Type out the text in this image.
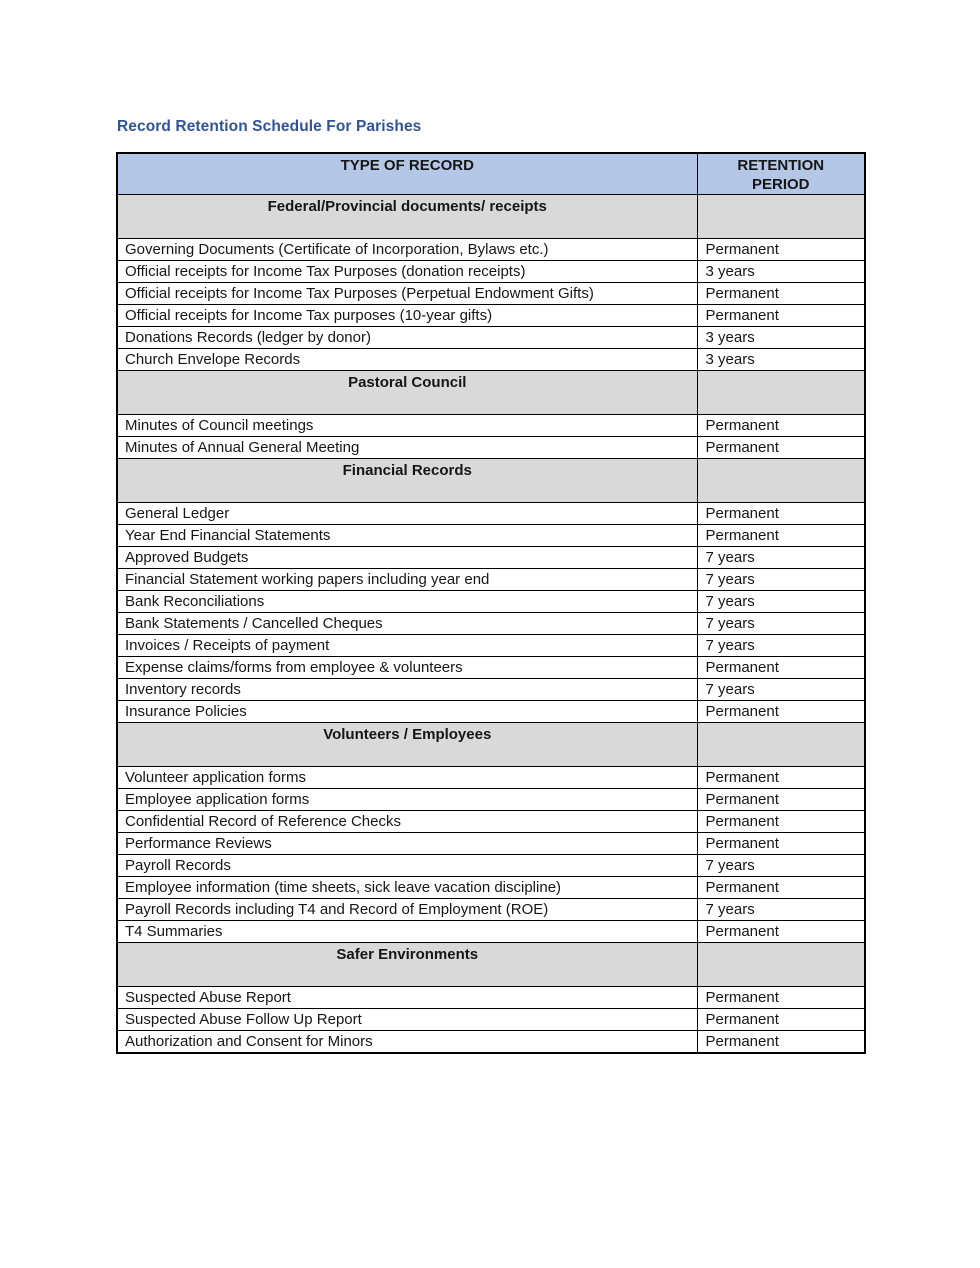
Record Retention Schedule For Parishes
TYPE OF RECORD	RETENTION PERIOD
Federal/Provincial documents/ receipts	
Governing Documents (Certificate of Incorporation, Bylaws etc.)	Permanent
Official receipts for Income Tax Purposes (donation receipts)	3 years
Official receipts for Income Tax Purposes (Perpetual Endowment Gifts)	Permanent
Official receipts for Income Tax purposes (10-year gifts)	Permanent
Donations Records (ledger by donor)	3 years
Church Envelope Records	3 years
Pastoral Council	
Minutes of Council meetings	Permanent
Minutes of Annual General Meeting	Permanent
Financial Records	
General Ledger	Permanent
Year End Financial Statements	Permanent
Approved Budgets	7 years
Financial Statement working papers including year end	7 years
Bank Reconciliations	7 years
Bank Statements / Cancelled Cheques	7 years
Invoices / Receipts of payment	7 years
Expense claims/forms from employee & volunteers	Permanent
Inventory records	7 years
Insurance Policies	Permanent
Volunteers / Employees	
Volunteer application forms	Permanent
Employee application forms	Permanent
Confidential Record of Reference Checks	Permanent
Performance Reviews	Permanent
Payroll Records	7 years
Employee information (time sheets, sick leave vacation discipline)	Permanent
Payroll Records including T4 and Record of Employment (ROE)	7 years
T4 Summaries	Permanent
Safer Environments	
Suspected Abuse Report	Permanent
Suspected Abuse Follow Up Report	Permanent
Authorization and Consent for Minors	Permanent
